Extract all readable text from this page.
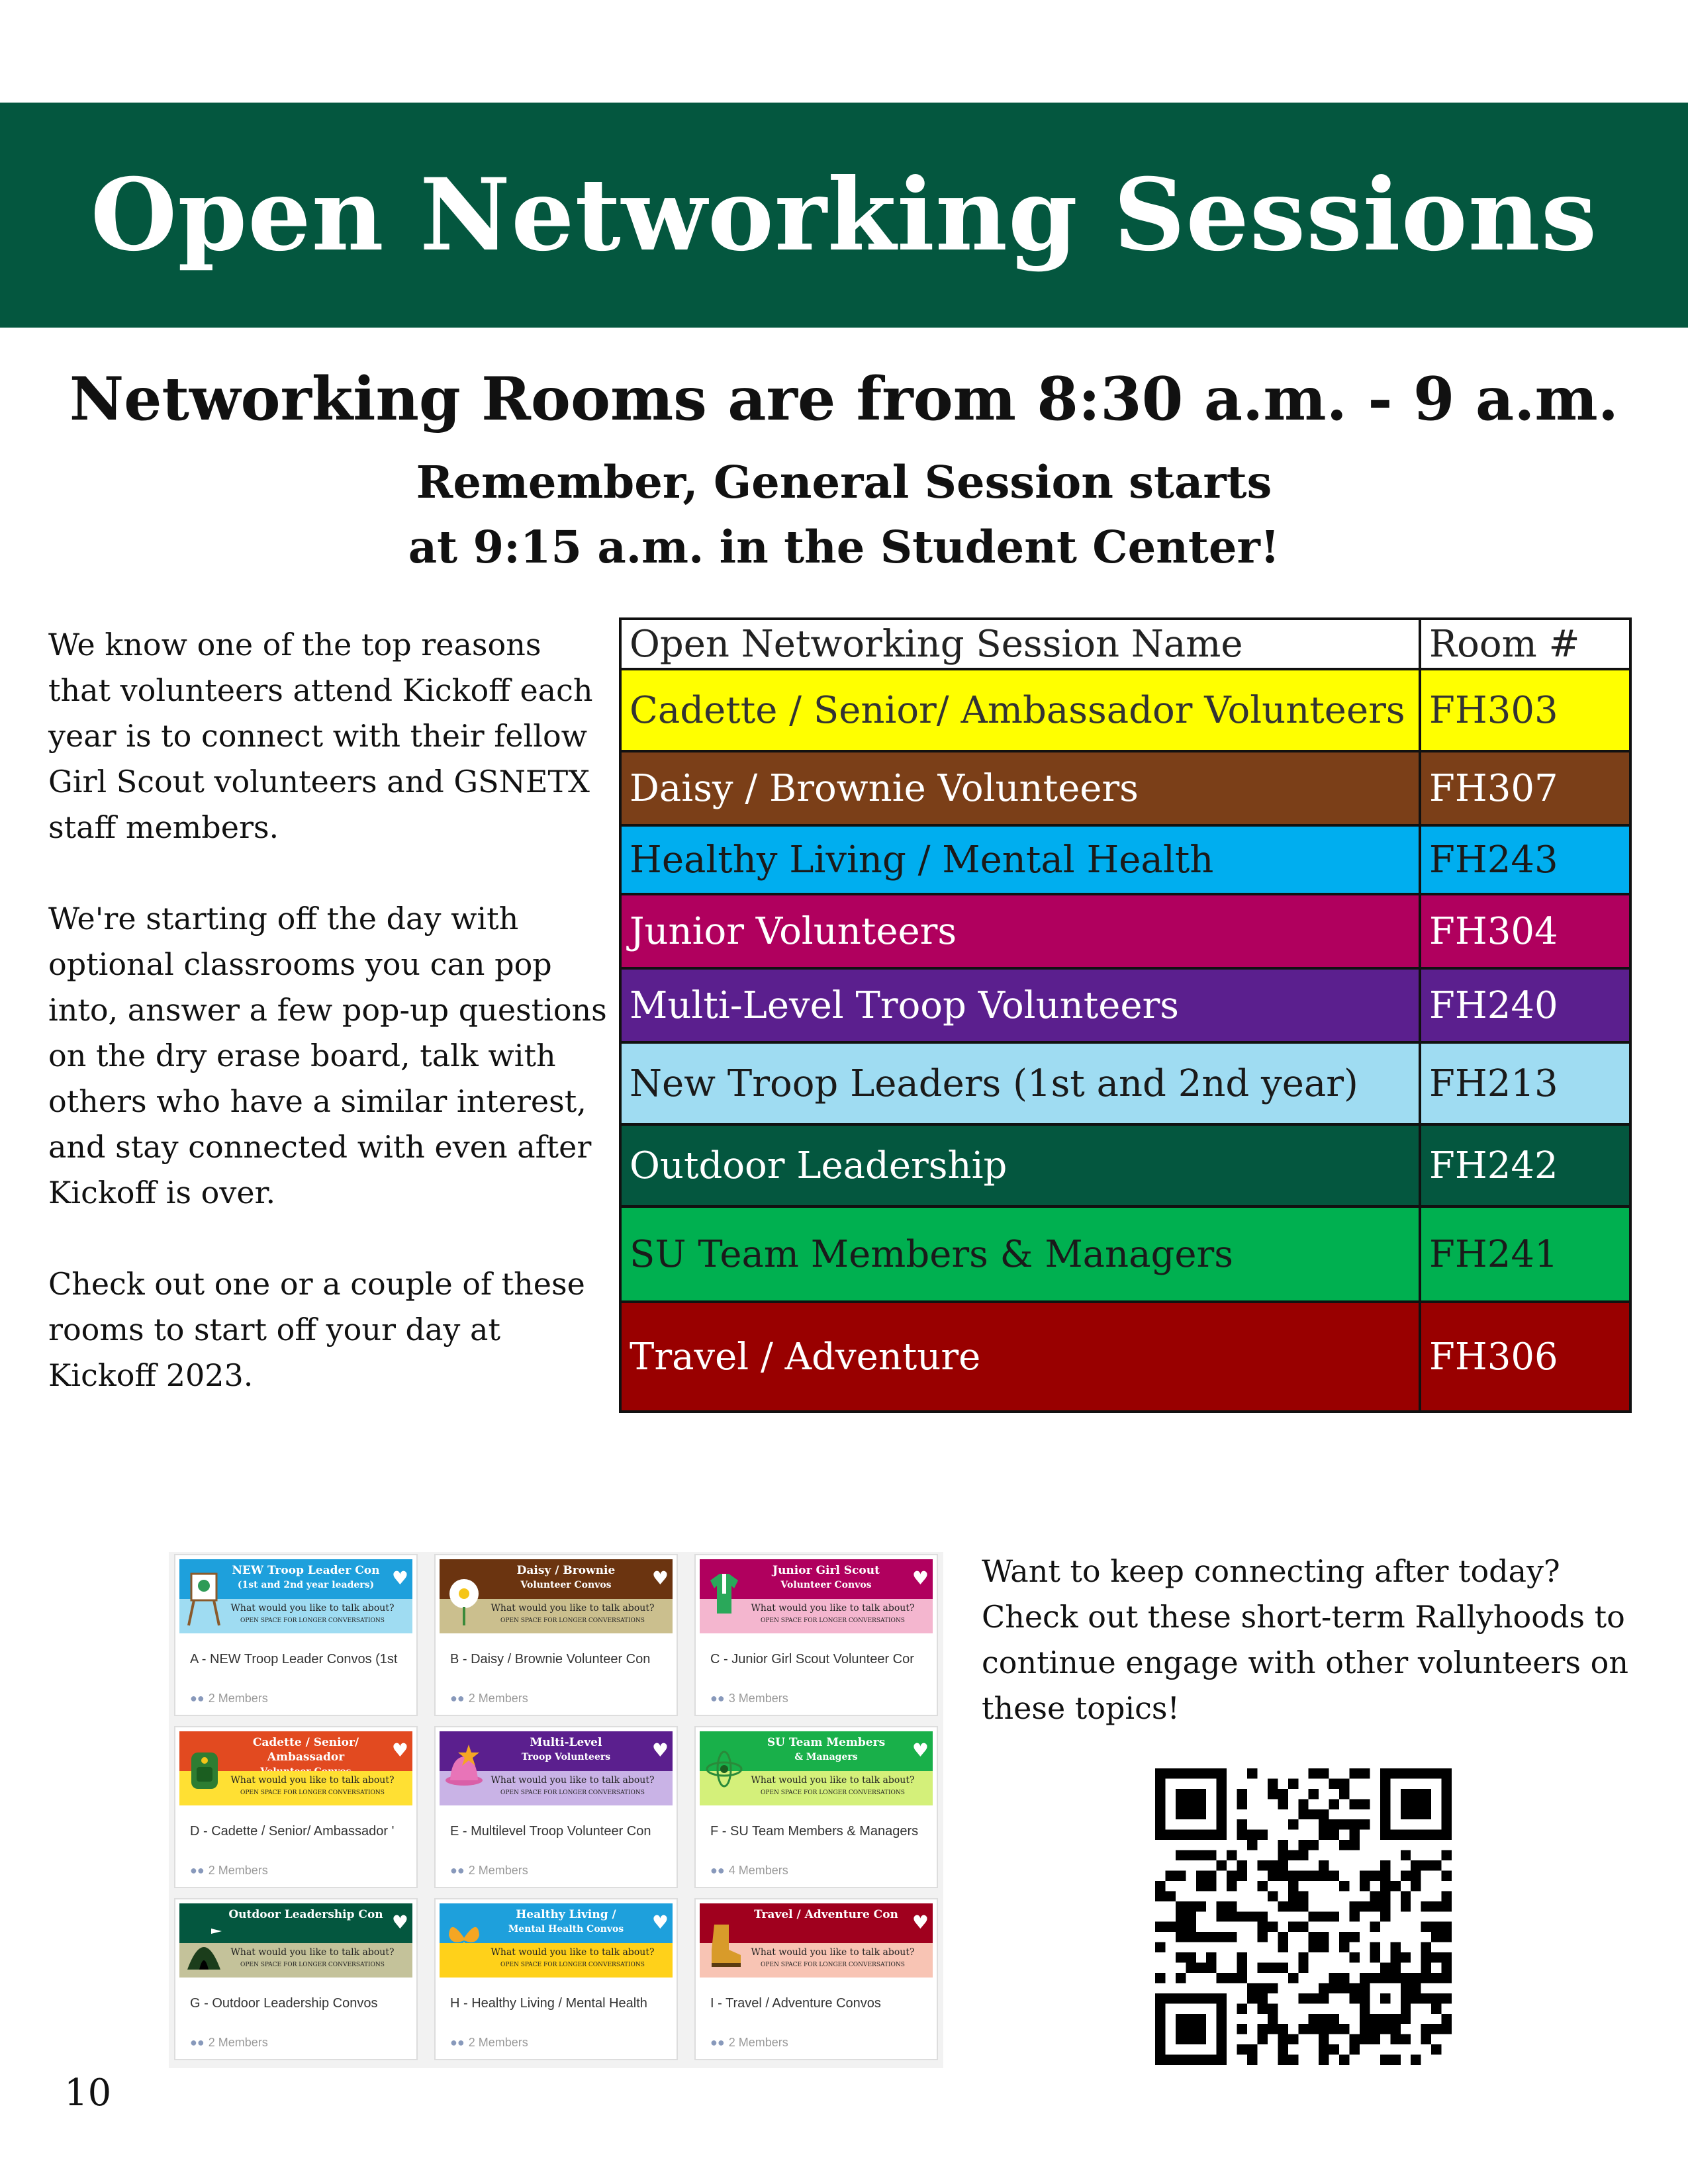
Open Networking Sessions
Networking Rooms are from 8:30 a.m. - 9 a.m.
Remember, General Session starts
at 9:15 a.m. in the Student Center!

We know one of the top reasons that volunteers attend Kickoff each year is to connect with their fellow Girl Scout volunteers and GSNETX staff members.

We're starting off the day with optional classrooms you can pop into, answer a few pop-up questions on the dry erase board, talk with others who have a similar interest, and stay connected with even after Kickoff is over.

Check out one or a couple of these rooms to start off your day at Kickoff 2023.

Open Networking Session Name	Room #
Cadette / Senior/ Ambassador Volunteers	FH303
Daisy / Brownie Volunteers	FH307
Healthy Living / Mental Health	FH243
Junior Volunteers	FH304
Multi-Level Troop Volunteers	FH240
New Troop Leaders (1st and 2nd year)	FH213
Outdoor Leadership	FH242
SU Team Members & Managers	FH241
Travel / Adventure	FH306
NEW Troop Leader Con
(1st and 2nd year leaders) ♥
What would you like to talk about?
OPEN SPACE FOR LONGER CONVERSATIONS
A - NEW Troop Leader Convos (1st
●● 2 Members
Daisy / Brownie
Volunteer Convos	♥
What would you like to talk about?
OPEN SPACE FOR LONGER CONVERSATIONS
B - Daisy / Brownie Volunteer Con
●● 2 Members
Junior Girl Scout
Volunteer Convos	♥
What would you like to talk about?
OPEN SPACE FOR LONGER CONVERSATIONS
C - Junior Girl Scout Volunteer Cor
●● 3 Members
Cadette / Senior/ Ambassador	♥
What would you like to talk about?
OPEN SPACE FOR LONGER CONVERSATIONS
D - Cadette / Senior/ Ambassador '
●● 2 Members
Multi-Level
Troop Volunteers	♥
What would you like to talk about?
OPEN SPACE FOR LONGER CONVERSATIONS
E - Multilevel Troop Volunteer Con
●● 2 Members
SU Team Members
& Managers	♥
What would you like to talk about?
OPEN SPACE FOR LONGER CONVERSATIONS
F - SU Team Members & Managers
●● 4 Members
Outdoor Leadership Con ♥
What would you like to talk about?
OPEN SPACE FOR LONGER CONVERSATIONS
G - Outdoor Leadership Convos
●● 2 Members
Healthy Living /
Mental Health Convos	♥
What would you like to talk about?
OPEN SPACE FOR LONGER CONVERSATIONS
H - Healthy Living / Mental Health
●● 2 Members
Travel / Adventure Con ♥
What would you like to talk about?
OPEN SPACE FOR LONGER CONVERSATIONS
I - Travel / Adventure Convos
●● 2 Members
Want to keep connecting after today? Check out these short-term Rallyhoods to continue engage with other volunteers on these topics!
10
